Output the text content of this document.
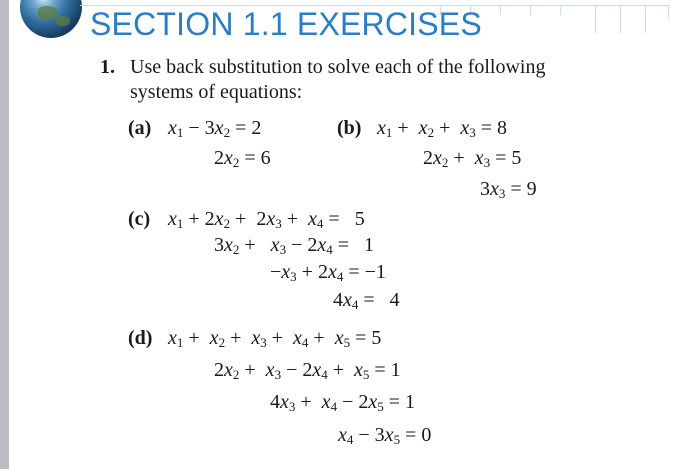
SECTION 1.1 EXERCISES
1. Use back substitution to solve each of the following
systems of equations:
(a) $x_1 - 3x_2 = 2$
$2x_2 = 6$
(b) $x_1 + x_2 + x_3 = 8$
$2x_2 + x_3 = 5$
$3x_3 = 9$
(c) $x_1 + 2x_2 + 2x_3 + x_4 = 5$
$3x_2 + x_3 - 2x_4 = 1$
$-x_3 + 2x_4 = -1$
$4x_4 = 4$
(d) $x_1 + x_2 + x_3 + x_4 + x_5 = 5$
$2x_2 + x_3 - 2x_4 + x_5 = 1$
$4x_3 + x_4 - 2x_5 = 1$
$x_4 - 3x_5 = 0$
